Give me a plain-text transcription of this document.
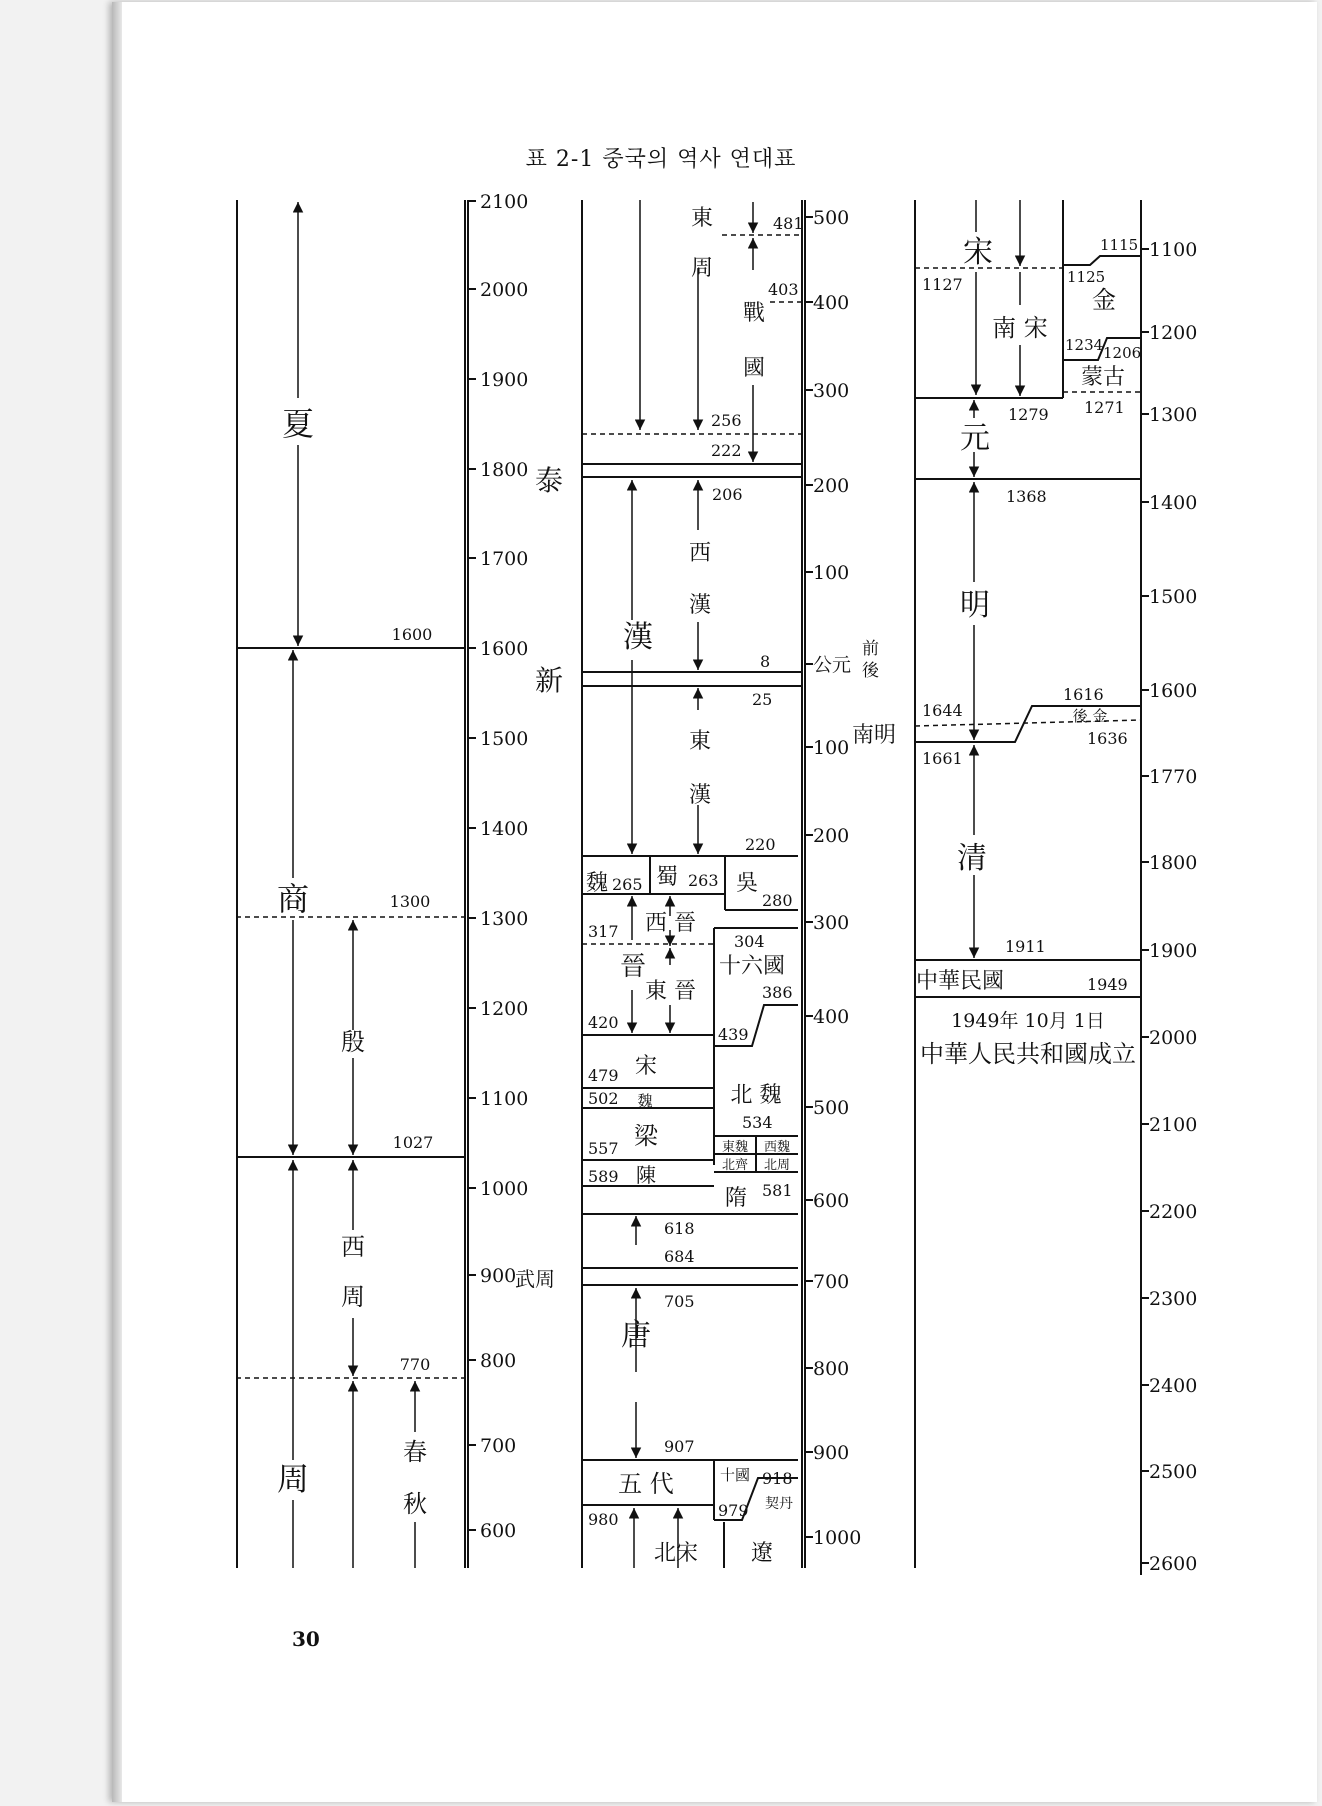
표 2-1 중국의 역사 연대표
30
夏
商
殷
西
周
周
春
秋
1600
1300
1027
770
2100
2000
1900
1800
1700
1600
1500
1400
1300
1200
1100
1000
900
800
700
600
東
周
戰
國
泰
漢
西
漢
新
東
漢
魏 蜀	吳
西 晉
晉
東 晉
十六國
宋
北 魏
魏
梁
陳
東魏 西魏
北齊 北周
隋
唐
武周
五 代	十國
契丹
北宋 遼
481
403
256
222
206
8
25
220
265	263
280
317
304
386
420
439
479
502
534
557
589
581
618
684
705
907
918
979
980
500
400
300
200
100
公元
100
200
300
400
500
600
700
800
900
1000
前
後
南明
宋
南 宋
金
蒙古
元
明
後 金
清
中華民國
1949年 10月 1日
中華人民共和國成立
1115
1125
1127
1206
1234
1271
1279
1368
1616
1644
1636
1661
1911
1949
1100
1200
1300
1400
1500
1600
1770
1800
1900
2000
2100
2200
2300
2400
2500
2600
